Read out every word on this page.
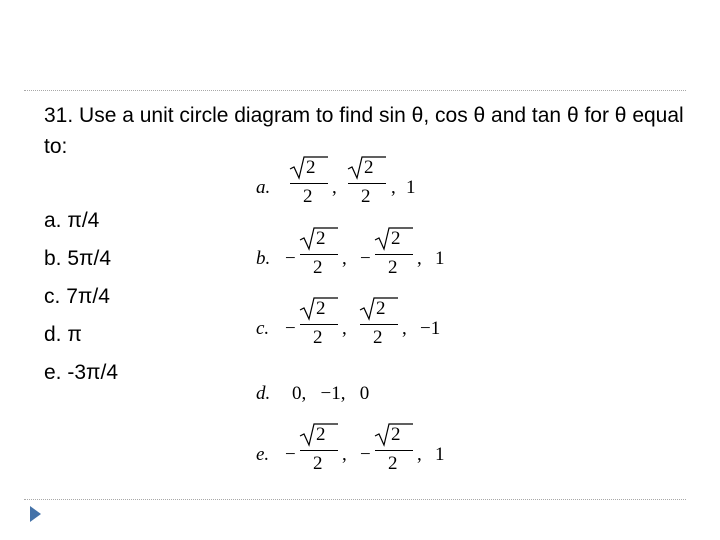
31. Use a unit circle diagram to find sin θ, cos θ and tan θ for θ equal to:

a. π/4
b. 5π/4
c. 7π/4
d. π
e. -3π/4
a.
2
2 ,
2
2 , 1
b. −
2
2 , −
2
2 , 1
c. −
2
2 ,
2
2 , −1
d. 0,   −1,   0
e. −
2
2 , −
2
2 , 1
